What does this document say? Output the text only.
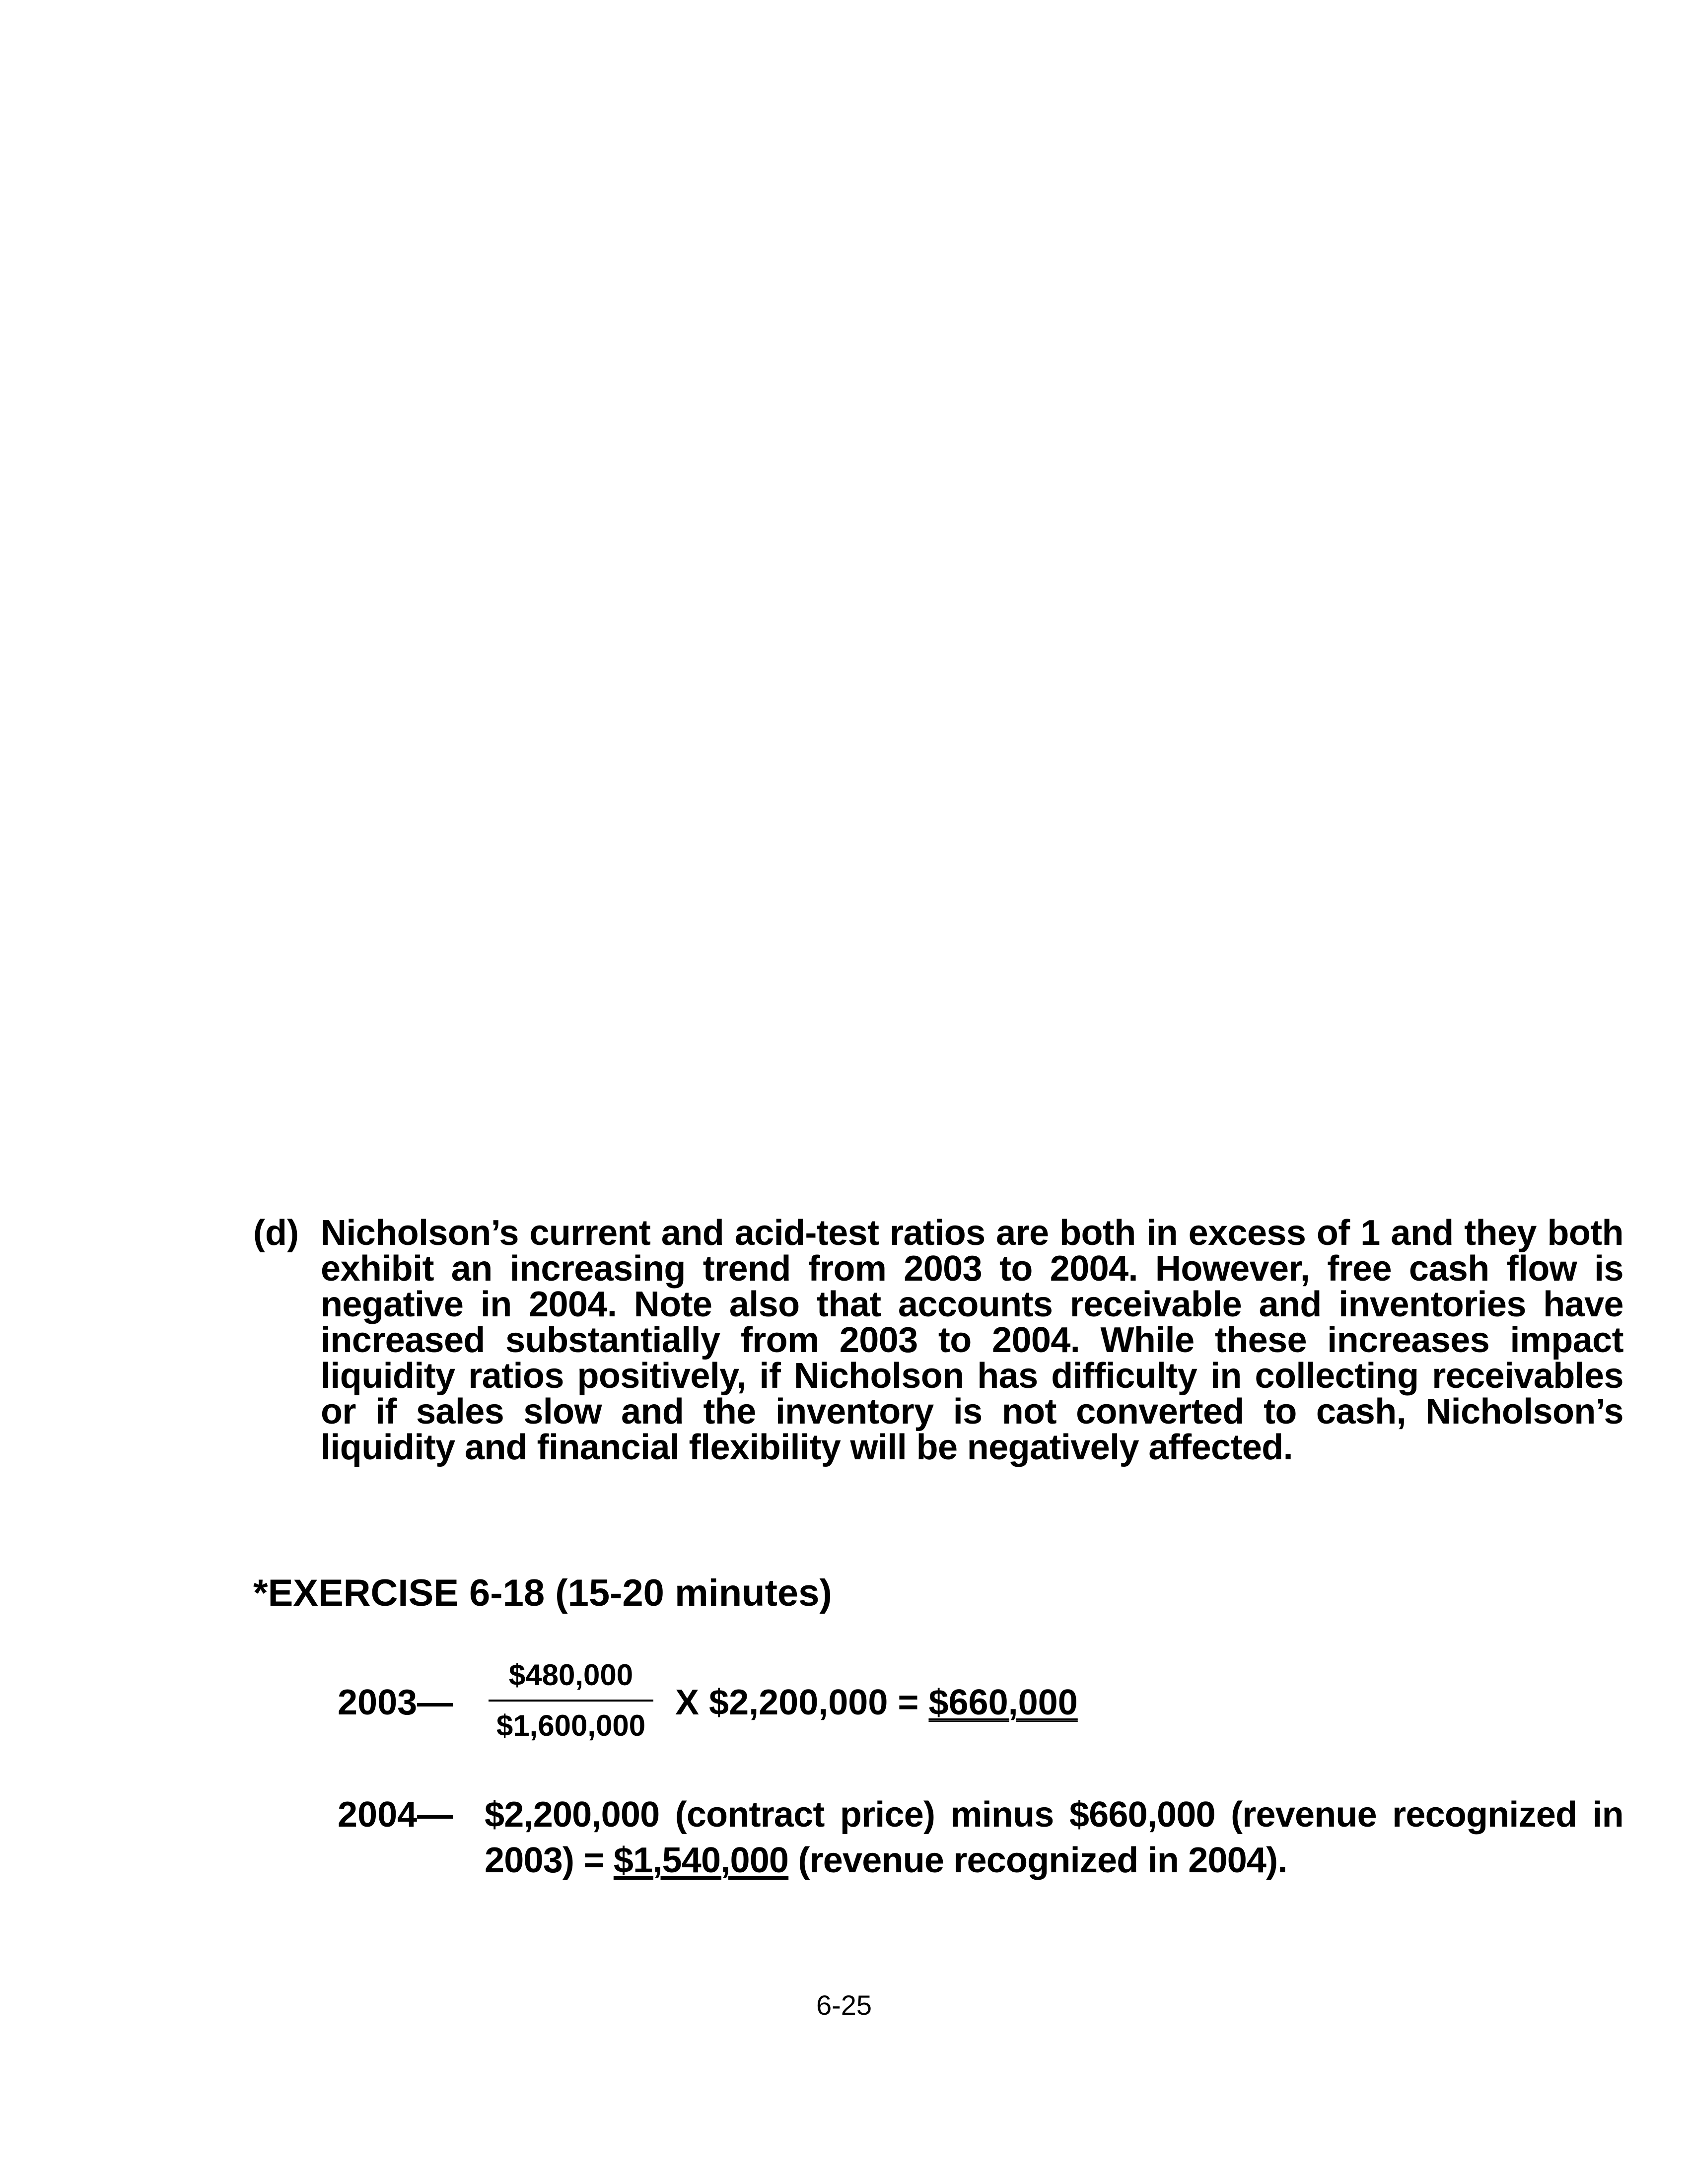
(d) Nicholson’s current and acid-test ratios are both in excess of 1 and they both exhibit an increasing trend from 2003 to 2004. However, free cash flow is negative in 2004. Note also that accounts receivable and inventories have increased substantially from 2003 to 2004. While these increases impact liquidity ratios positively, if Nicholson has difficulty in collecting receivables or if sales slow and the inventory is not converted to cash, Nicholson’s liquidity and financial flexibility will be negatively affected.
*EXERCISE 6-18 (15-20 minutes)
2003—
$480,000
$1,600,000
X $2,200,000 = $660,000
2004— $2,200,000 (contract price) minus $660,000 (revenue recognized in 2003) = $1,540,000 (revenue recognized in 2004).
6-25
